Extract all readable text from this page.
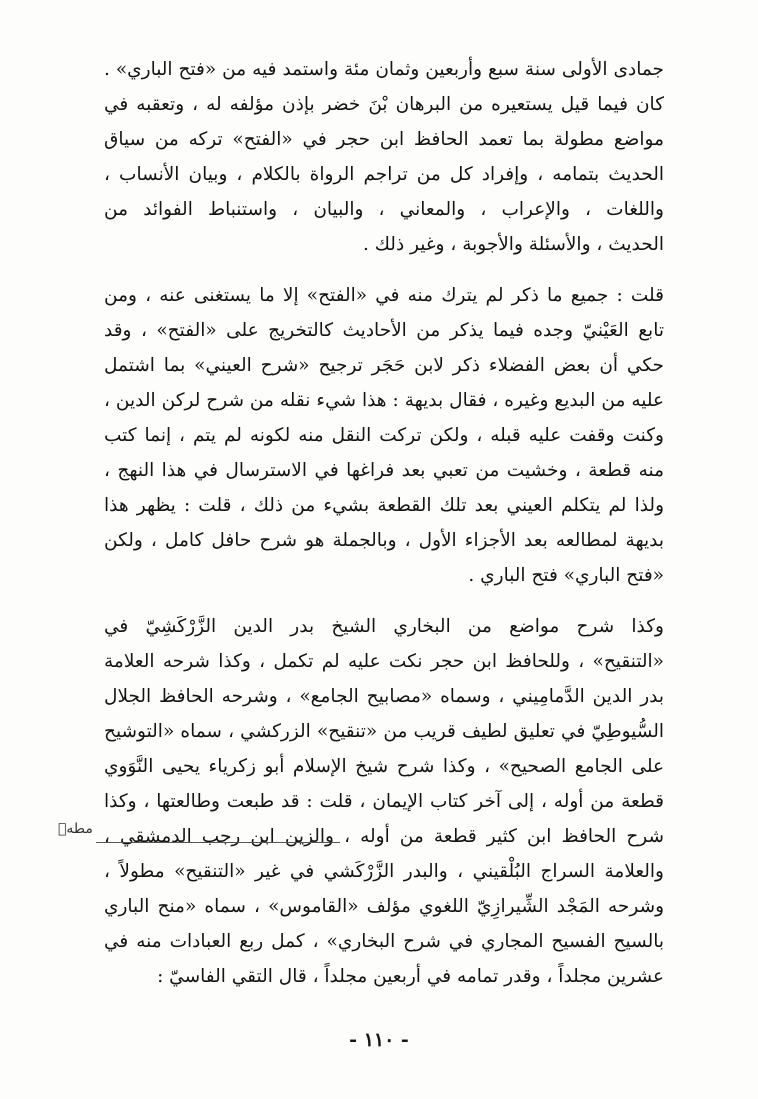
جمادى الأولى سنة سبع وأربعين وثمان مئة واستمد فيه من «فتح الباري» .
كان فيما قيل يستعيره من البرهان بْنَ خضر بإذن مؤلفه له ، وتعقبه في
مواضع مطولة بما تعمد الحافظ ابن حجر في «الفتح» تركه من سياق
الحديث بتمامه ، وإفراد كل من تراجم الرواة بالكلام ، وبيان الأنساب ،
واللغات ، والإعراب ، والمعاني ، والبيان ، واستنباط الفوائد من
الحديث ، والأسئلة والأجوبة ، وغير ذلك .
قلت : جميع ما ذكر لم يترك منه في «الفتح» إلا ما يستغنى عنه ، ومن
تابع العَيْنيّ وجده فيما يذكر من الأحاديث كالتخريج على «الفتح» ، وقد
حكي أن بعض الفضلاء ذكر لابن حَجَر ترجيح «شرح العيني» بما اشتمل
عليه من البديع وغيره ، فقال بديهة : هذا شيء نقله من شرح لركن الدين ،
وكنت وقفت عليه قبله ، ولكن تركت النقل منه لكونه لم يتم ، إنما كتب
منه قطعة ، وخشيت من تعبي بعد فراغها في الاسترسال في هذا النهج ،
ولذا لم يتكلم العيني بعد تلك القطعة بشيء من ذلك ، قلت : يظهر هذا
بديهة لمطالعه بعد الأجزاء الأول ، وبالجملة هو شرح حافل كامل ، ولكن
«فتح الباري» فتح الباري .
وكذا شرح مواضع من البخاري الشيخ بدر الدين الزَّرْكَشِيّ في
«التنقيح» ، وللحافظ ابن حجر نكت عليه لم تكمل ، وكذا شرحه العلامة
بدر الدين الدَّمامِيني ، وسماه «مصابيح الجامع» ، وشرحه الحافظ الجلال
السُّيوطِيّ في تعليق لطيف قريب من «تنقيح» الزركشي ، سماه «التوشيح
على الجامع الصحيح» ، وكذا شرح شيخ الإسلام أبو زكرياء يحيى النَّوَوي
قطعة من أوله ، إلى آخر كتاب الإيمان ، قلت : قد طبعت وطالعتها ، وكذا
شرح الحافظ ابن كثير قطعة من أوله ، والزين ابن رجب الدمشقي ،
والعلامة السراج البُلْقيني ، والبدر الزَّرْكَشي في غير «التنقيح» مطولاً ،
وشرحه المَجْد الشِّيرازِيّ اللغوي مؤلف «القاموس» ، سماه «منح الباري
بالسيح الفسيح المجاري في شرح البخاري» ، كمل ربع العبادات منه في
عشرين مجلداً ، وقدر تمامه في أربعين مجلداً ، قال التقي الفاسيّ :
مطهٖ
- ١١٠ -
